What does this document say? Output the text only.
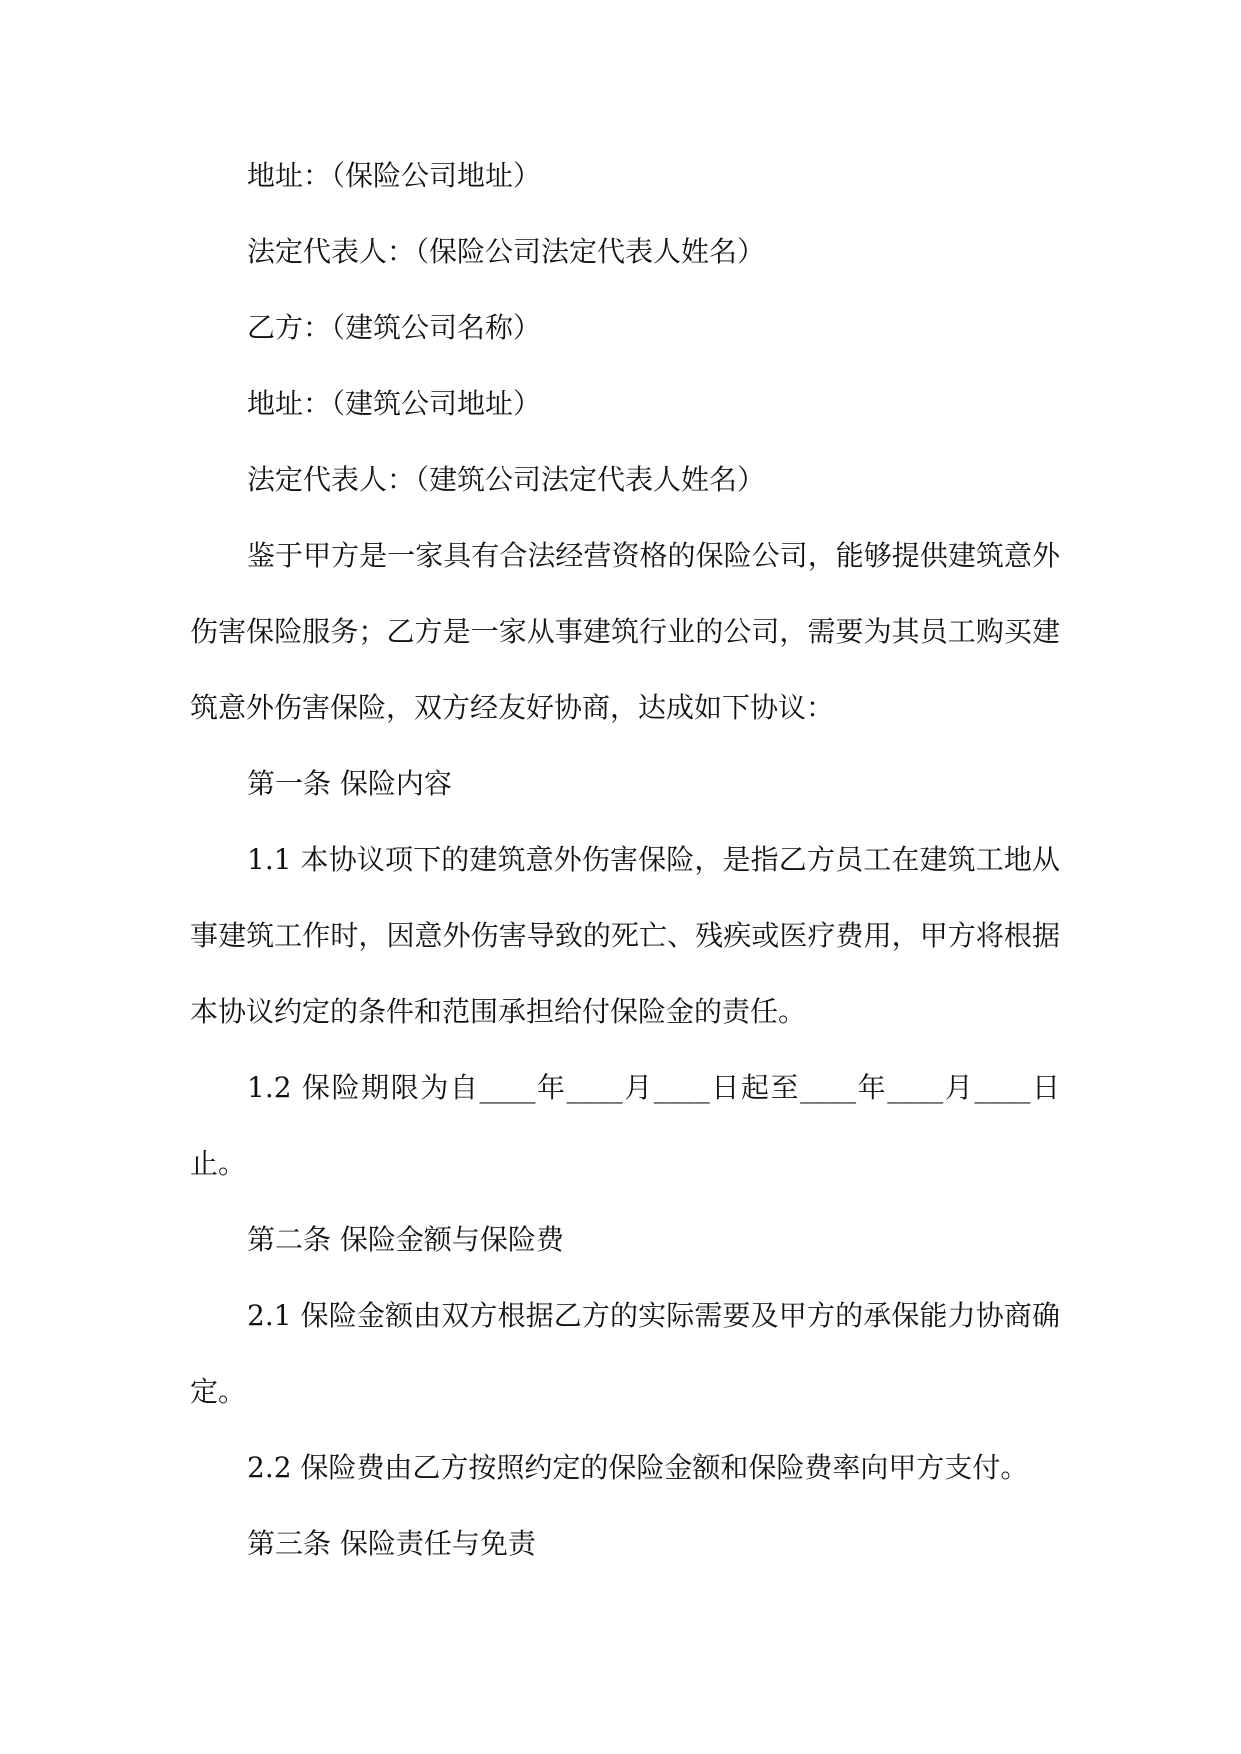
地址：（保险公司地址）

法定代表人：（保险公司法定代表人姓名）

乙方：（建筑公司名称）

地址：（建筑公司地址）

法定代表人：（建筑公司法定代表人姓名）

鉴于甲方是一家具有合法经营资格的保险公司，能够提供建筑意外伤害保险服务；乙方是一家从事建筑行业的公司，需要为其员工购买建筑意外伤害保险，双方经友好协商，达成如下协议：

第一条 保险内容

1.1 本协议项下的建筑意外伤害保险，是指乙方员工在建筑工地从事建筑工作时，因意外伤害导致的死亡、残疾或医疗费用，甲方将根据本协议约定的条件和范围承担给付保险金的责任。

1.2 保险期限为自____年____月____日起至____年____月____日止。

第二条 保险金额与保险费

2.1 保险金额由双方根据乙方的实际需要及甲方的承保能力协商确定。

2.2 保险费由乙方按照约定的保险金额和保险费率向甲方支付。

第三条 保险责任与免责
